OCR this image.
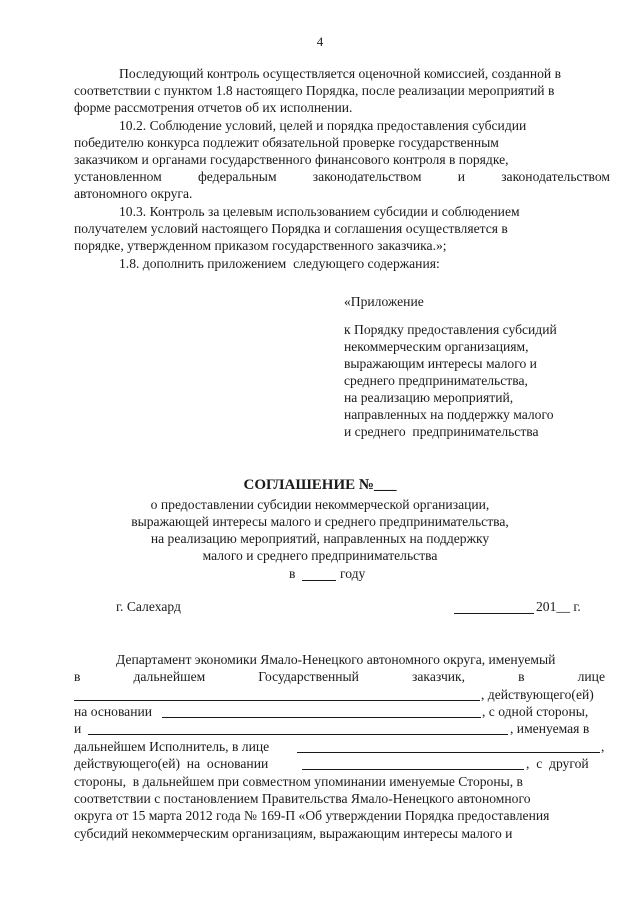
4
Последующий контроль осуществляется оценочной комиссией, созданной в
соответствии с пунктом 1.8 настоящего Порядка, после реализации мероприятий в
форме рассмотрения отчетов об их исполнении.
10.2. Соблюдение условий, целей и порядка предоставления субсидии
победителю конкурса подлежит обязательной проверке государственным
заказчиком и органами государственного финансового контроля в порядке,
установленном	федеральным	законодательством	и	законодательством
автономного округа.
10.3. Контроль за целевым использованием субсидии и соблюдением
получателем условий настоящего Порядка и соглашения осуществляется в
порядке, утвержденном приказом государственного заказчика.»;
1.8. дополнить приложением  следующего содержания:
«Приложение
к Порядку предоставления субсидий
некоммерческим организациям,
выражающим интересы малого и
среднего предпринимательства,
на реализацию мероприятий,
направленных на поддержку малого
и среднего  предпринимательства
СОГЛАШЕНИЕ №___
о предоставлении субсидии некоммерческой организации,
выражающей интересы малого и среднего предпринимательства,
на реализацию мероприятий, направленных на поддержку
малого и среднего предпринимательства
в	году
г. Салехард	201__ г.
Департамент экономики Ямало-Ненецкого автономного округа, именуемый
в	дальнейшем	Государственный	заказчик,	в	лице
, действующего(ей)
на основании	, с одной стороны,
и	, именуемая в
дальнейшем Исполнитель, в лице	,
действующего(ей)  на  основании	,  с  другой
стороны,  в дальнейшем при совместном упоминании именуемые Стороны, в
соответствии с постановлением Правительства Ямало-Ненецкого автономного
округа от 15 марта 2012 года № 169-П «Об утверждении Порядка предоставления
субсидий некоммерческим организациям, выражающим интересы малого и
